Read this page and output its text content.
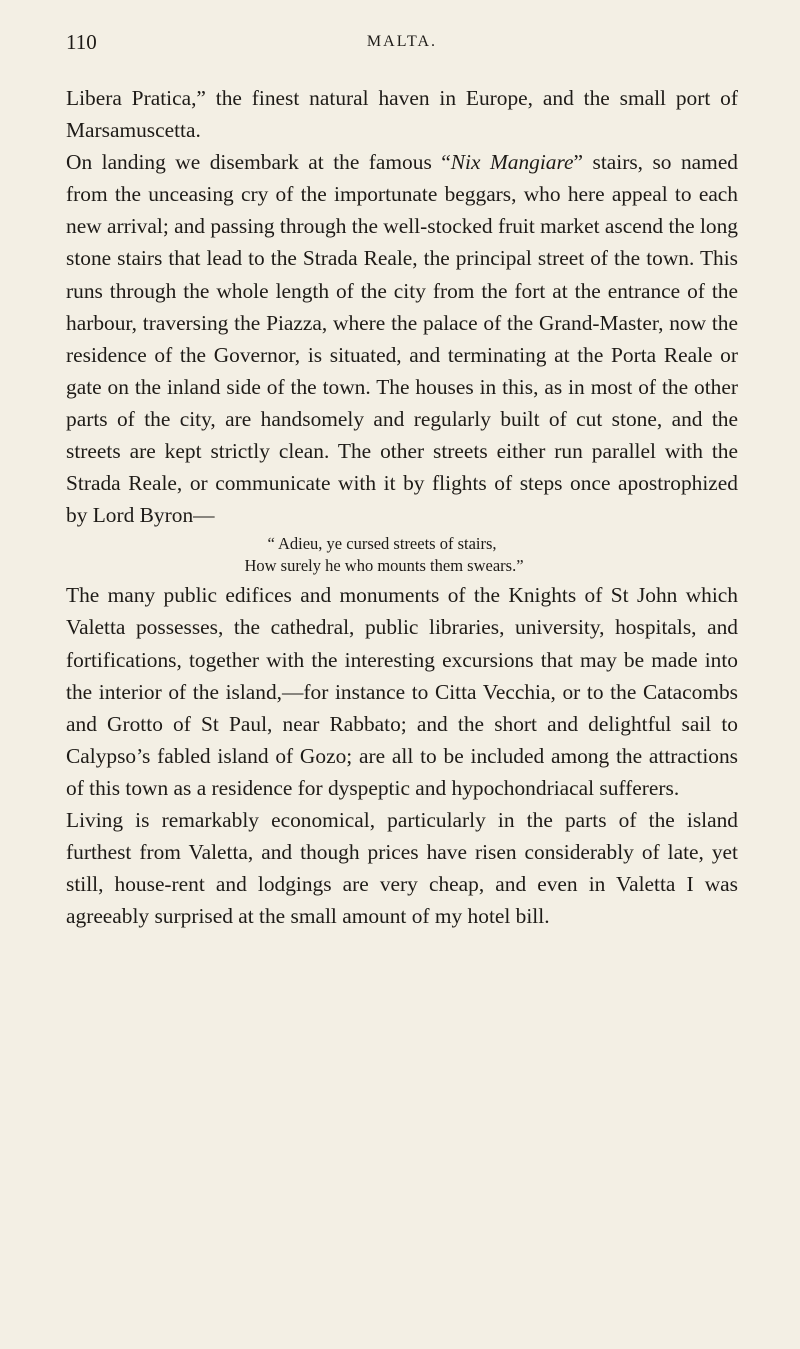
110	MALTA.

Libera Pratica,” the finest natural haven in Europe, and the small port of Marsamuscetta.

On landing we disembark at the famous “Nix Mangiare” stairs, so named from the unceasing cry of the importunate beggars, who here appeal to each new arrival; and passing through the well-stocked fruit market ascend the long stone stairs that lead to the Strada Reale, the principal street of the town. This runs through the whole length of the city from the fort at the entrance of the harbour, traversing the Piazza, where the palace of the Grand-Master, now the residence of the Governor, is situated, and terminating at the Porta Reale or gate on the inland side of the town. The houses in this, as in most of the other parts of the city, are handsomely and regularly built of cut stone, and the streets are kept strictly clean. The other streets either run parallel with the Strada Reale, or communicate with it by flights of steps once apostrophized by Lord Byron—

“ Adieu, ye cursed streets of stairs,
How surely he who mounts them swears.”

The many public edifices and monuments of the Knights of St John which Valetta possesses, the cathedral, public libraries, university, hospitals, and fortifications, together with the interesting excursions that may be made into the interior of the island,—for instance to Citta Vecchia, or to the Catacombs and Grotto of St Paul, near Rabbato; and the short and delightful sail to Calypso’s fabled island of Gozo; are all to be included among the attractions of this town as a residence for dyspeptic and hypochondriacal sufferers.

Living is remarkably economical, particularly in the parts of the island furthest from Valetta, and though prices have risen considerably of late, yet still, house-rent and lodgings are very cheap, and even in Valetta I was agreeably surprised at the small amount of my hotel bill.
